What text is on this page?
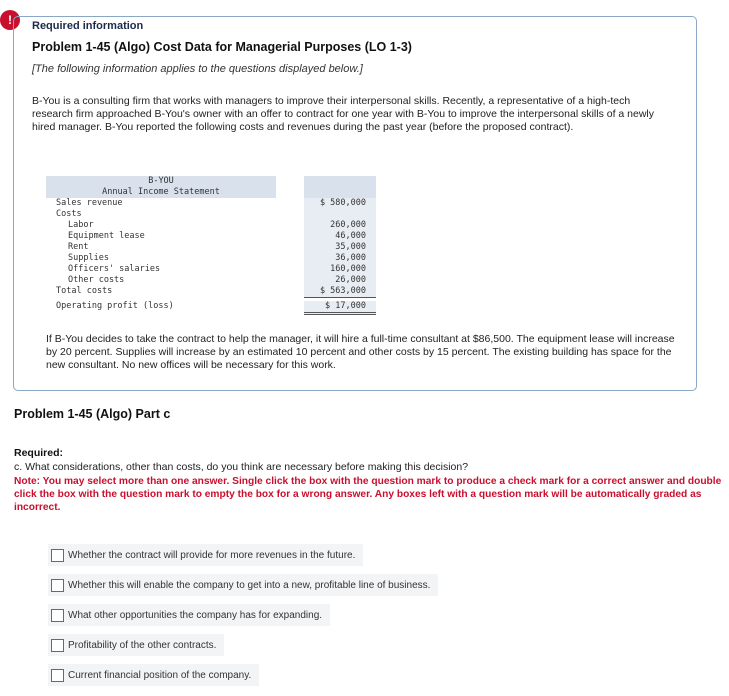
!	Required information
Problem 1-45 (Algo) Cost Data for Managerial Purposes (LO 1-3)
[The following information applies to the questions displayed below.]
B-You is a consulting firm that works with managers to improve their interpersonal skills. Recently, a representative of a high-tech research firm approached B-You's owner with an offer to contract for one year with B-You to improve the interpersonal skills of a newly hired manager. B-You reported the following costs and revenues during the past year (before the proposed contract).
B-YOU
Annual Income Statement
Sales revenue	$ 580,000
Costs
Labor	260,000
Equipment lease	46,000
Rent	35,000
Supplies	36,000
Officers' salaries	160,000
Other costs	26,000
Total costs	$ 563,000
Operating profit (loss)	$ 17,000
If B-You decides to take the contract to help the manager, it will hire a full-time consultant at $86,500. The equipment lease will increase by 20 percent. Supplies will increase by an estimated 10 percent and other costs by 15 percent. The existing building has space for the new consultant. No new offices will be necessary for this work.
Problem 1-45 (Algo) Part c
Required:
c. What considerations, other than costs, do you think are necessary before making this decision?
Note: You may select more than one answer. Single click the box with the question mark to produce a check mark for a correct answer and double click the box with the question mark to empty the box for a wrong answer. Any boxes left with a question mark will be automatically graded as incorrect.
Whether the contract will provide for more revenues in the future.
Whether this will enable the company to get into a new, profitable line of business.
What other opportunities the company has for expanding.
Profitability of the other contracts.
Current financial position of the company.
